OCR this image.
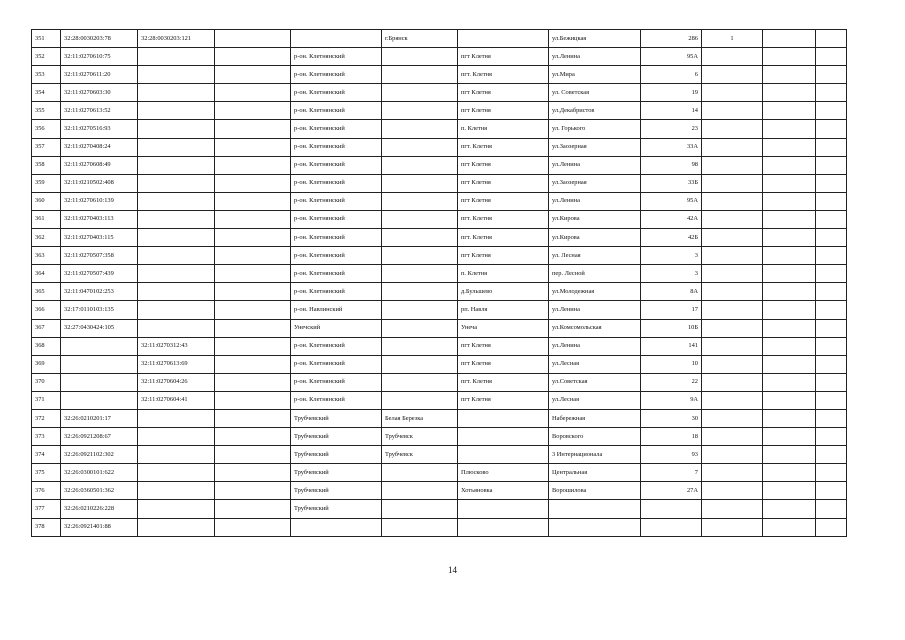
351	32:28:0030203:78	32:28:0030203:121			г.Брянск		ул.Бежицкая	286	1		
352	32:11:0270610:75			р-он. Клетнянский		пгт Клетня	ул.Ленина	95А			
353	32:11:0270611:20			р-он. Клетнянский		пгт. Клетня	ул.Мира	6			
354	32:11:0270603:30			р-он. Клетнянский		пгт Клетня	ул. Советская	19			
355	32:11:0270613:52			р-он. Клетнянский		пгт Клетня	ул.Декабристов	14			
356	32:11:0270516:93			р-он. Клетнянский		п. Клетня	ул. Горького	23			
357	32:11:0270408:24			р-он. Клетнянский		пгт. Клетня	ул.Заозерная	33А			
358	32:11:0270608:49			р-он. Клетнянский		пгт Клетня	ул.Ленина	98			
359	32:11:0210502:408			р-он. Клетнянский		пгт Клетня	ул.Заозерная	33Б			
360	32:11:0270610:139			р-он. Клетнянский		пгт Клетня	ул.Ленина	95А			
361	32:11:0270403:113			р-он. Клетнянский		пгт. Клетня	ул.Кирова	42А			
362	32:11:0270403:115			р-он. Клетнянский		пгт. Клетня	ул.Кирова	42Б			
363	32:11:0270507:358			р-он. Клетнянский		пгт Клетня	ул. Лесная	3			
364	32:11:0270507:439			р-он. Клетнянский		п. Клетня	пер. Лесной	3			
365	32:11:0470102:253			р-он. Клетнянский		д.Бульшево	ул.Молодежная	8А			
366	32:17:0110103:135			р-он. Навлинский		рп. Навля	ул.Ленина	17			
367	32:27:0430424:105			Унечский		Унеча	ул.Комсомольская	10Б			
368		32:11:0270312:43		р-он. Клетнянский		пгт Клетня	ул.Ленина	141			
369		32:11:0270613:69		р-он. Клетнянский		пгт Клетня	ул.Лесная	10			
370		32:11:0270604:26		р-он. Клетнянский		пгт. Клетня	ул.Советская	22			
371		32:11:0270604:41		р-он. Клетнянский		пгт Клетня	ул.Лесная	9А			
372	32:26:0210201:17			Трубчевский	Белая Березка		Набережная	30			
373	32:26:0921208:67			Трубчевский	Трубчевск		Воровского	18			
374	32:26:0921102:302			Трубчевский	Трубчевск		3 Интернационала	93			
375	32:26:0300101:622			Трубчевский		Плюсково	Центральная	7			
376	32:26:0360501:362			Трубчевский		Хотьяновка	Ворошилова	27А			
377	32:26:0210226:228			Трубчевский							
378	32:26:0921401:88										
14
